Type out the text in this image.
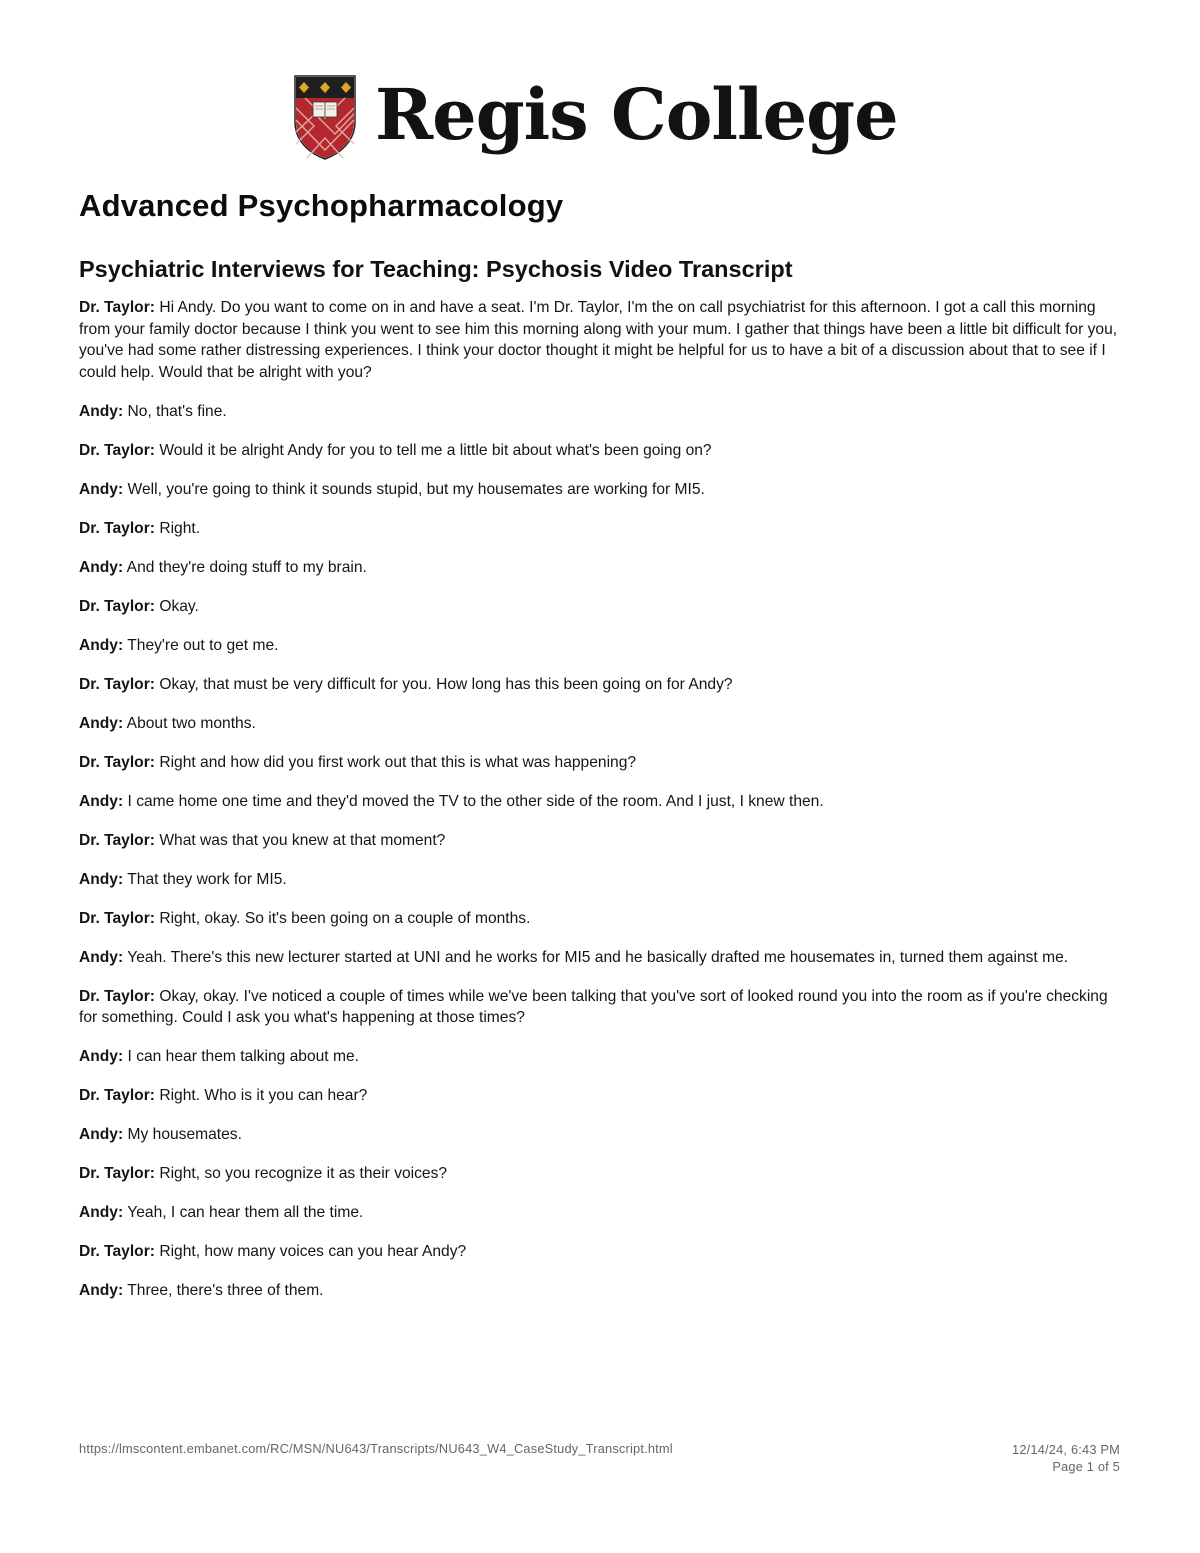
Regis College
Advanced Psychopharmacology
Psychiatric Interviews for Teaching: Psychosis Video Transcript

Dr. Taylor: Hi Andy. Do you want to come on in and have a seat. I'm Dr. Taylor, I'm the on call psychiatrist for this afternoon. I got a call this morning from your family doctor because I think you went to see him this morning along with your mum. I gather that things have been a little bit difficult for you, you've had some rather distressing experiences. I think your doctor thought it might be helpful for us to have a bit of a discussion about that to see if I could help. Would that be alright with you?

Andy: No, that's fine.

Dr. Taylor: Would it be alright Andy for you to tell me a little bit about what's been going on?

Andy: Well, you're going to think it sounds stupid, but my housemates are working for MI5.

Dr. Taylor: Right.

Andy: And they're doing stuff to my brain.

Dr. Taylor: Okay.

Andy: They're out to get me.

Dr. Taylor: Okay, that must be very difficult for you. How long has this been going on for Andy?

Andy: About two months.

Dr. Taylor: Right and how did you first work out that this is what was happening?

Andy: I came home one time and they'd moved the TV to the other side of the room. And I just, I knew then.

Dr. Taylor: What was that you knew at that moment?

Andy: That they work for MI5.

Dr. Taylor: Right, okay. So it's been going on a couple of months.

Andy: Yeah. There's this new lecturer started at UNI and he works for MI5 and he basically drafted me housemates in, turned them against me.

Dr. Taylor: Okay, okay. I've noticed a couple of times while we've been talking that you've sort of looked round you into the room as if you're checking for something. Could I ask you what's happening at those times?

Andy: I can hear them talking about me.

Dr. Taylor: Right. Who is it you can hear?

Andy: My housemates.

Dr. Taylor: Right, so you recognize it as their voices?

Andy: Yeah, I can hear them all the time.

Dr. Taylor: Right, how many voices can you hear Andy?

Andy: Three, there's three of them.

https://lmscontent.embanet.com/RC/MSN/NU643/Transcripts/NU643_W4_CaseStudy_Transcript.html	12/14/24, 6:43 PM
Page 1 of 5
